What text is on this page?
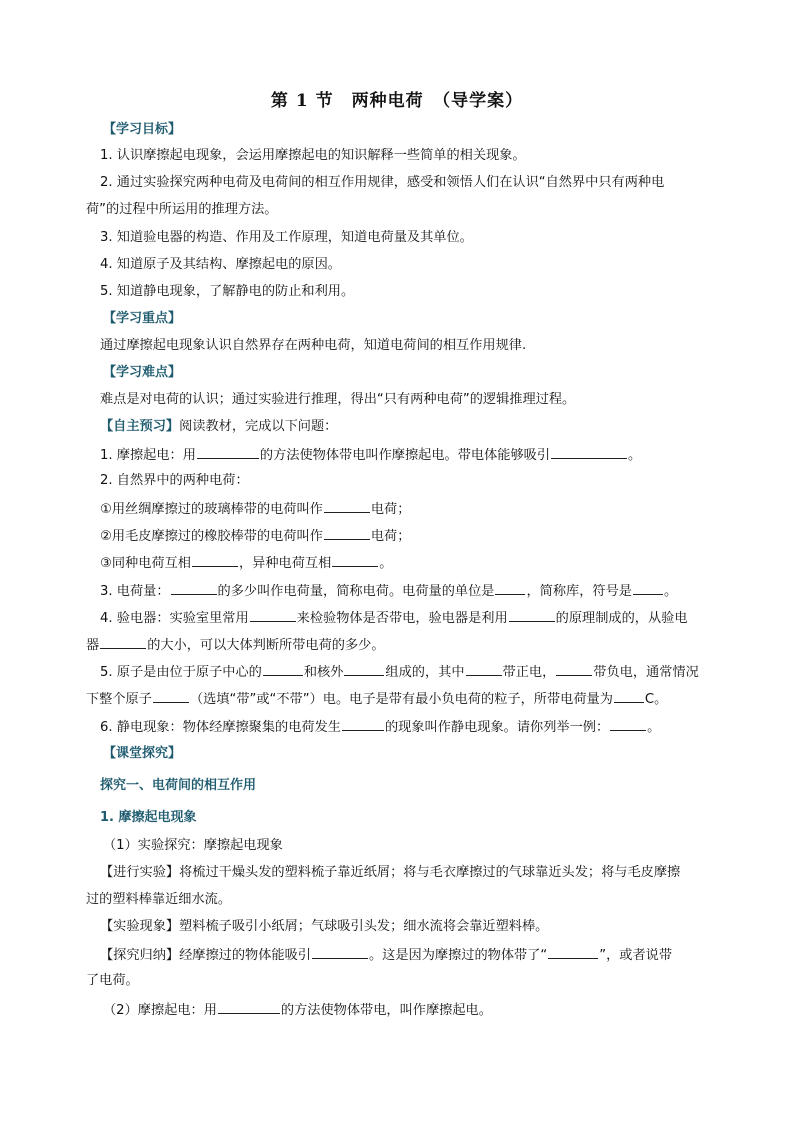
第 1 节　两种电荷　（导学案）
【学习目标】
1. 认识摩擦起电现象，会运用摩擦起电的知识解释一些简单的相关现象。
2. 通过实验探究两种电荷及电荷间的相互作用规律，感受和领悟人们在认识“自然界中只有两种电
荷”的过程中所运用的推理方法。
3. 知道验电器的构造、作用及工作原理，知道电荷量及其单位。
4. 知道原子及其结构、摩擦起电的原因。
5. 知道静电现象，了解静电的防止和利用。
【学习重点】
通过摩擦起电现象认识自然界存在两种电荷，知道电荷间的相互作用规律.
【学习难点】
难点是对电荷的认识；通过实验进行推理，得出“只有两种电荷”的逻辑推理过程。
【自主预习】阅读教材，完成以下问题：
1. 摩擦起电：用	的方法使物体带电叫作摩擦起电。带电体能够吸引	。
2. 自然界中的两种电荷：
①用丝绸摩擦过的玻璃棒带的电荷叫作	电荷；
②用毛皮摩擦过的橡胶棒带的电荷叫作	电荷；
③同种电荷互相	，异种电荷互相	。
3. 电荷量：	的多少叫作电荷量，简称电荷。电荷量的单位是 ，简称库，符号是 。
4. 验电器：实验室里常用	来检验物体是否带电，验电器是利用	的原理制成的，从验电
器	的大小，可以大体判断所带电荷的多少。
5. 原子是由位于原子中心的	和核外	组成的，其中	带正电，	带负电，通常情况
下整个原子	（选填“带”或“不带”）电。电子是带有最小负电荷的粒子，所带电荷量为 C。
6. 静电现象：物体经摩擦聚集的电荷发生	的现象叫作静电现象。请你列举一例：	。
【课堂探究】
探究一、电荷间的相互作用
1. 摩擦起电现象
（1）实验探究：摩擦起电现象
【进行实验】将梳过干燥头发的塑料梳子靠近纸屑；将与毛衣摩擦过的气球靠近头发；将与毛皮摩擦
过的塑料棒靠近细水流。
【实验现象】塑料梳子吸引小纸屑；气球吸引头发；细水流将会靠近塑料棒。
【探究归纳】经摩擦过的物体能吸引	。这是因为摩擦过的物体带了“	”，或者说带
了电荷。
（2）摩擦起电：用	的方法使物体带电，叫作摩擦起电。
